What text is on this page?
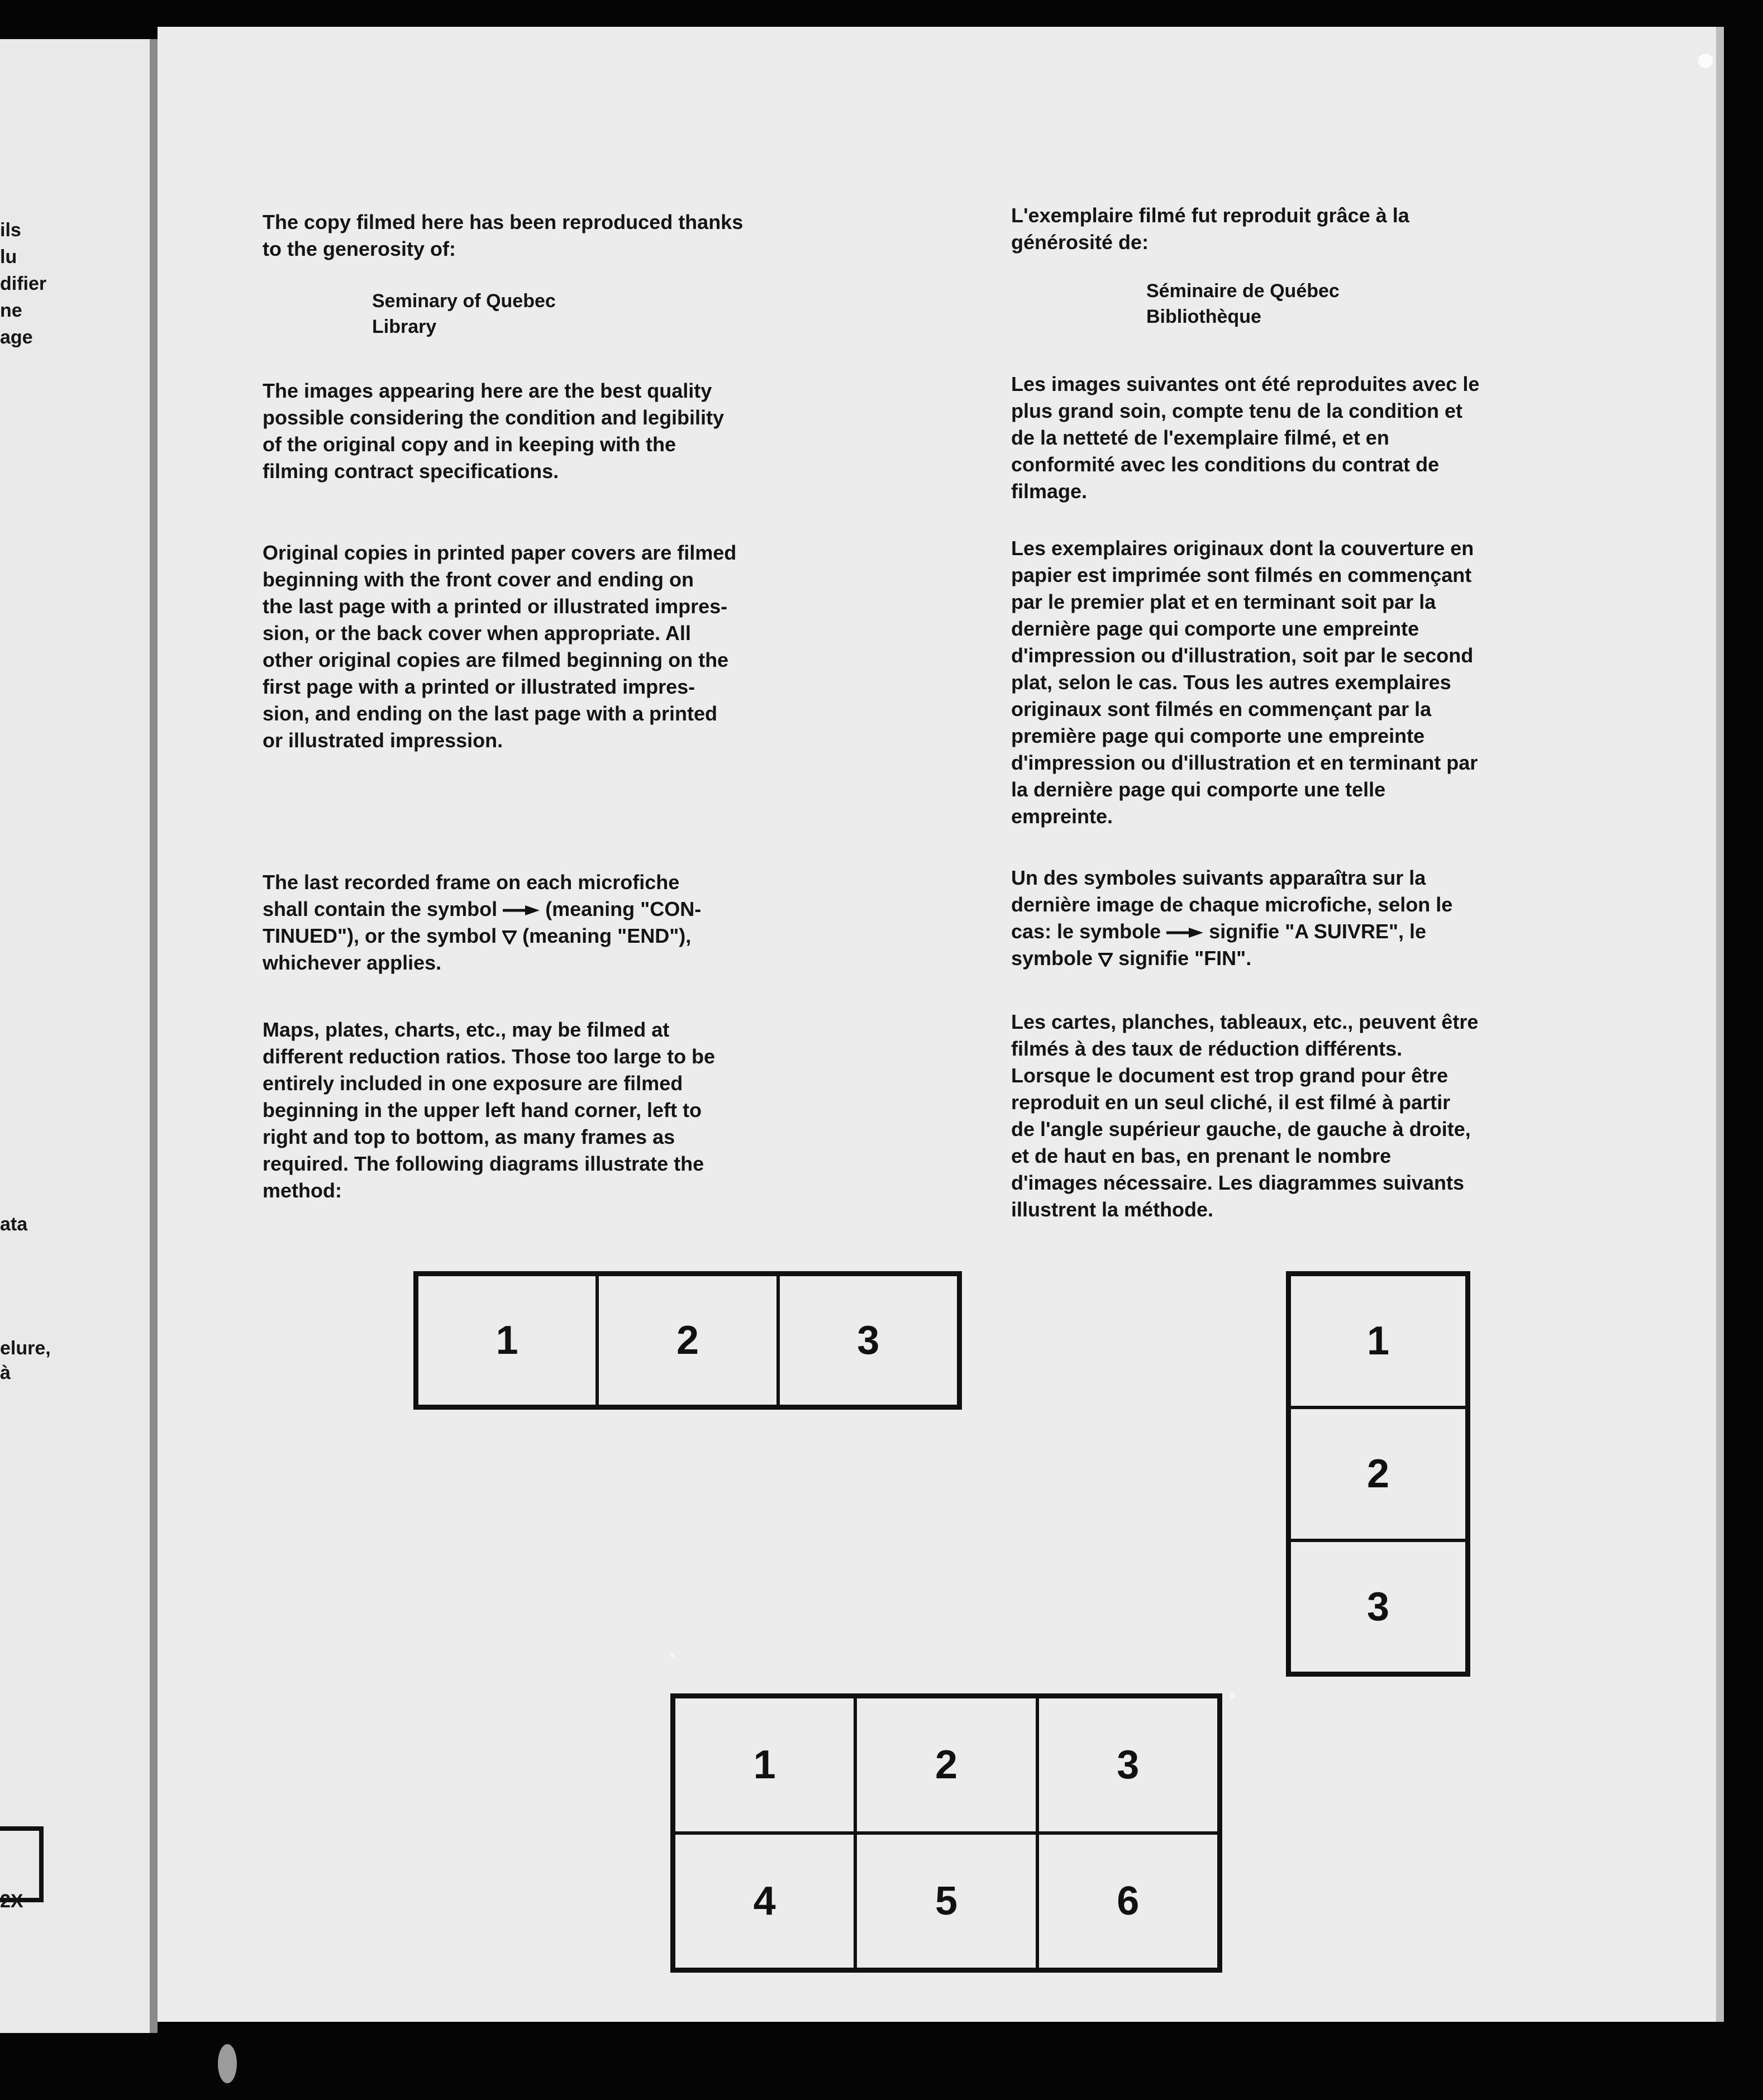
ils
lu
difier
ne
age
ata
elure,
à
2X

The copy filmed here has been reproduced thanks
to the generosity of:

Seminary of Quebec
Library

The images appearing here are the best quality
possible considering the condition and legibility
of the original copy and in keeping with the
filming contract specifications.

Original copies in printed paper covers are filmed
beginning with the front cover and ending on
the last page with a printed or illustrated impres-
sion, or the back cover when appropriate. All
other original copies are filmed beginning on the
first page with a printed or illustrated impres-
sion, and ending on the last page with a printed
or illustrated impression.

The last recorded frame on each microfiche
shall contain the symbol (meaning "CON-
TINUED"), or the symbol (meaning "END"),
whichever applies.

Maps, plates, charts, etc., may be filmed at
different reduction ratios. Those too large to be
entirely included in one exposure are filmed
beginning in the upper left hand corner, left to
right and top to bottom, as many frames as
required. The following diagrams illustrate the
method:

L'exemplaire filmé fut reproduit grâce à la
générosité de:

Séminaire de Québec
Bibliothèque

Les images suivantes ont été reproduites avec le
plus grand soin, compte tenu de la condition et
de la netteté de l'exemplaire filmé, et en
conformité avec les conditions du contrat de
filmage.

Les exemplaires originaux dont la couverture en
papier est imprimée sont filmés en commençant
par le premier plat et en terminant soit par la
dernière page qui comporte une empreinte
d'impression ou d'illustration, soit par le second
plat, selon le cas. Tous les autres exemplaires
originaux sont filmés en commençant par la
première page qui comporte une empreinte
d'impression ou d'illustration et en terminant par
la dernière page qui comporte une telle
empreinte.

Un des symboles suivants apparaîtra sur la
dernière image de chaque microfiche, selon le
cas: le symbole signifie "A SUIVRE", le
symbole signifie "FIN".

Les cartes, planches, tableaux, etc., peuvent être
filmés à des taux de réduction différents.
Lorsque le document est trop grand pour être
reproduit en un seul cliché, il est filmé à partir
de l'angle supérieur gauche, de gauche à droite,
et de haut en bas, en prenant le nombre
d'images nécessaire. Les diagrammes suivants
illustrent la méthode.

1	2	3	1
2
3
1	2	3
4	5	6
